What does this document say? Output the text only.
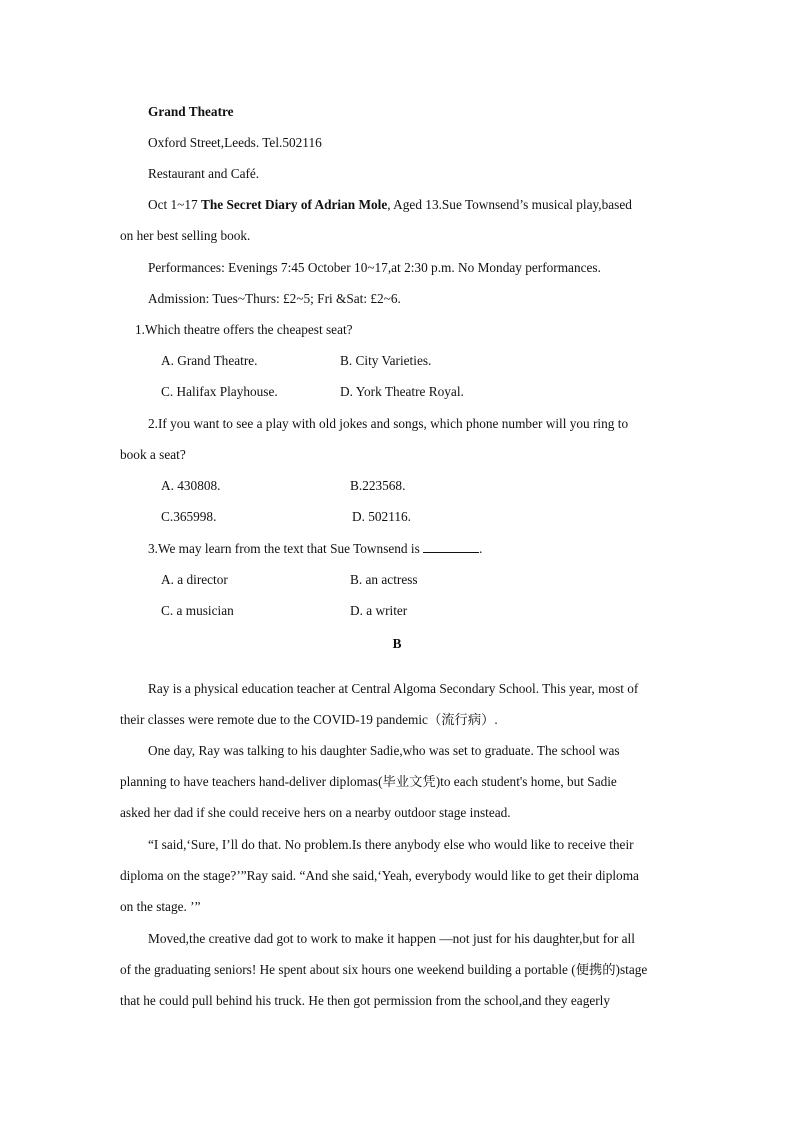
Grand Theatre
Oxford Street,Leeds. Tel.502116
Restaurant and Café.
Oct 1~17 The Secret Diary of Adrian Mole, Aged 13.Sue Townsend’s musical play,based
on her best selling book.
Performances: Evenings 7:45 October 10~17,at 2:30 p.m. No Monday performances.
Admission: Tues~Thurs: £2~5; Fri &Sat: £2~6.
1.Which theatre offers the cheapest seat?
A. Grand Theatre.	B. City Varieties.
C. Halifax Playhouse.	D. York Theatre Royal.
2.If you want to see a play with old jokes and songs, which phone number will you ring to
book a seat?
A. 430808.	B.223568.
C.365998.	D. 502116.
3.We may learn from the text that Sue Townsend is	.
A. a director	B. an actress
C. a musician	D. a writer
B
Ray is a physical education teacher at Central Algoma Secondary School. This year, most of
their classes were remote due to the COVID-19 pandemic（流行病）.
One day, Ray was talking to his daughter Sadie,who was set to graduate. The school was
planning to have teachers hand-deliver diplomas(毕业文凭)to each student's home, but Sadie
asked her dad if she could receive hers on a nearby outdoor stage instead.
“I said,‘Sure, I’ll do that. No problem.Is there anybody else who would like to receive their
diploma on the stage?’”Ray said. “And she said,‘Yeah, everybody would like to get their diploma
on the stage. ’”
Moved,the creative dad got to work to make it happen —not just for his daughter,but for all
of the graduating seniors! He spent about six hours one weekend building a portable (便携的)stage
that he could pull behind his truck. He then got permission from the school,and they eagerly
